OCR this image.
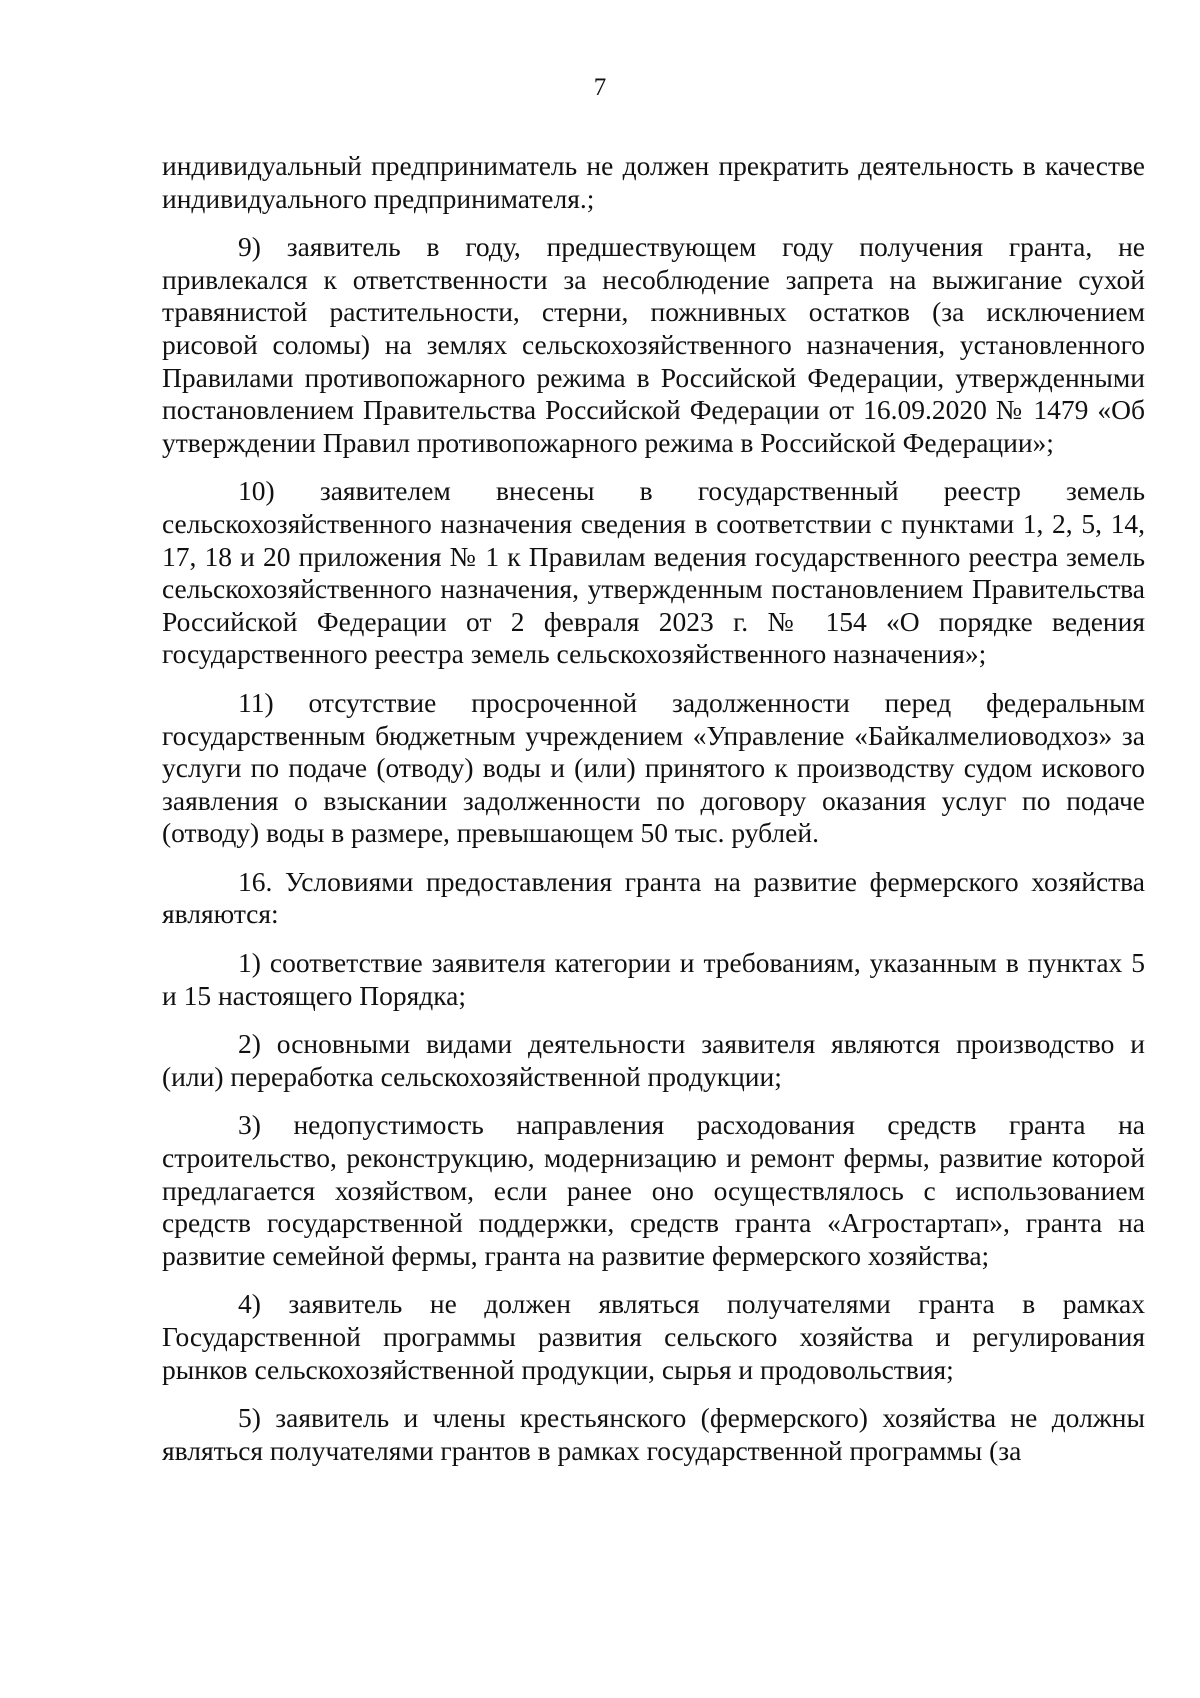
7

индивидуальный предприниматель не должен прекратить деятельность в качестве индивидуального предпринимателя.;

9) заявитель в году, предшествующем году получения гранта, не привлекался к ответственности за несоблюдение запрета на выжигание сухой травянистой растительности, стерни, пожнивных остатков (за исключением рисовой соломы) на землях сельскохозяйственного назначения, установленного Правилами противопожарного режима в Российской Федерации, утвержденными постановлением Правительства Российской Федерации от 16.09.2020 № 1479 «Об утверждении Правил противопожарного режима в Российской Федерации»;

10) заявителем внесены в государственный реестр земель сельскохозяйственного назначения сведения в соответствии с пунктами 1, 2, 5, 14, 17, 18 и 20 приложения № 1 к Правилам ведения государственного реестра земель сельскохозяйственного назначения, утвержденным постановлением Правительства Российской Федерации от 2 февраля 2023 г. № 154 «О порядке ведения государственного реестра земель сельскохозяйственного назначения»;

11) отсутствие просроченной задолженности перед федеральным государственным бюджетным учреждением «Управление «Байкалмелиоводхоз» за услуги по подаче (отводу) воды и (или) принятого к производству судом искового заявления о взыскании задолженности по договору оказания услуг по подаче (отводу) воды в размере, превышающем 50 тыс. рублей.

16. Условиями предоставления гранта на развитие фермерского хозяйства являются:

1) соответствие заявителя категории и требованиям, указанным в пунктах 5 и 15 настоящего Порядка;

2) основными видами деятельности заявителя являются производство и (или) переработка сельскохозяйственной продукции;

3) недопустимость направления расходования средств гранта на строительство, реконструкцию, модернизацию и ремонт фермы, развитие которой предлагается хозяйством, если ранее оно осуществлялось с использованием средств государственной поддержки, средств гранта «Агростартап», гранта на развитие семейной фермы, гранта на развитие фермерского хозяйства;

4) заявитель не должен являться получателями гранта в рамках Государственной программы развития сельского хозяйства и регулирования рынков сельскохозяйственной продукции, сырья и продовольствия;

5) заявитель и члены крестьянского (фермерского) хозяйства не должны являться получателями грантов в рамках государственной программы (за
